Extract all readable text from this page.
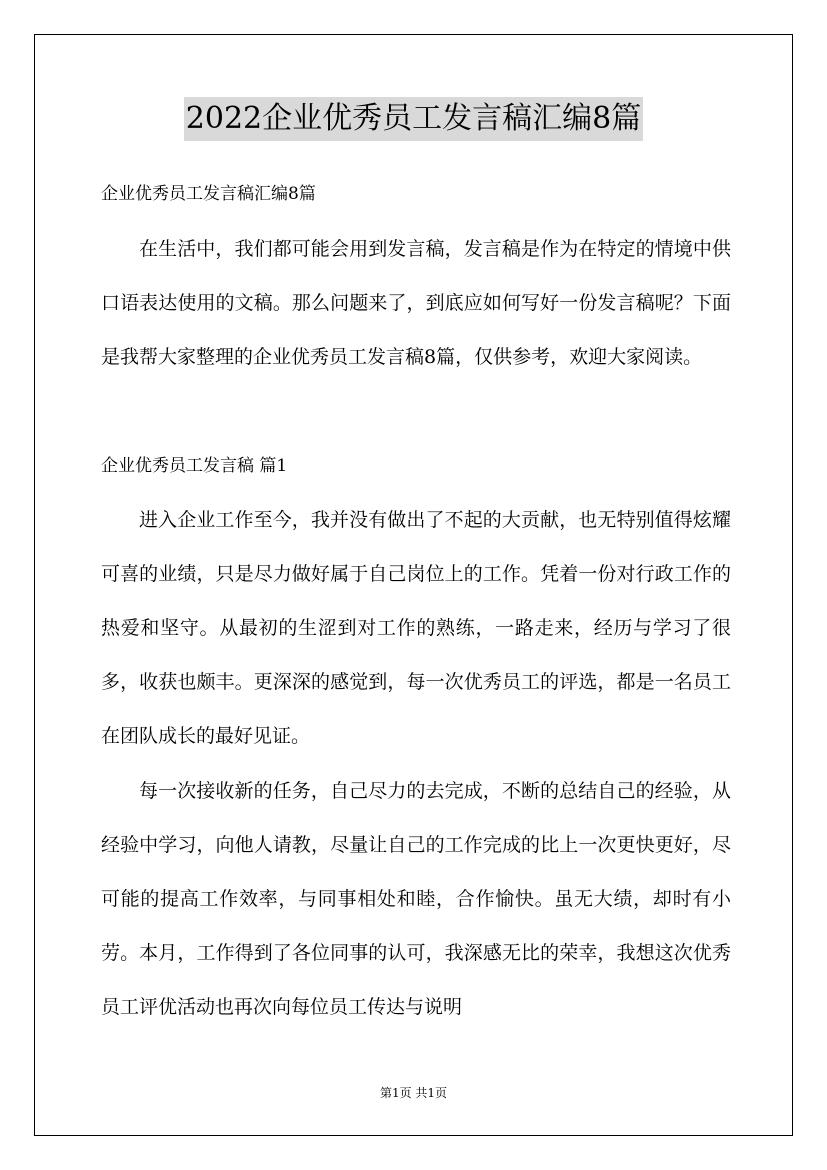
2022企业优秀员工发言稿汇编8篇
企业优秀员工发言稿汇编8篇
在生活中，我们都可能会用到发言稿，发言稿是作为在特定的情境中供口语表达使用的文稿。那么问题来了，到底应如何写好一份发言稿呢？下面是我帮大家整理的企业优秀员工发言稿8篇，仅供参考，欢迎大家阅读。
企业优秀员工发言稿 篇1
进入企业工作至今，我并没有做出了不起的大贡献，也无特别值得炫耀可喜的业绩，只是尽力做好属于自己岗位上的工作。凭着一份对行政工作的热爱和坚守。从最初的生涩到对工作的熟练，一路走来，经历与学习了很多，收获也颇丰。更深深的感觉到，每一次优秀员工的评选，都是一名员工在团队成长的最好见证。
每一次接收新的任务，自己尽力的去完成，不断的总结自己的经验，从经验中学习，向他人请教，尽量让自己的工作完成的比上一次更快更好，尽可能的提高工作效率，与同事相处和睦，合作愉快。虽无大绩，却时有小劳。本月，工作得到了各位同事的认可，我深感无比的荣幸，我想这次优秀员工评优活动也再次向每位员工传达与说明
第1页 共1页
